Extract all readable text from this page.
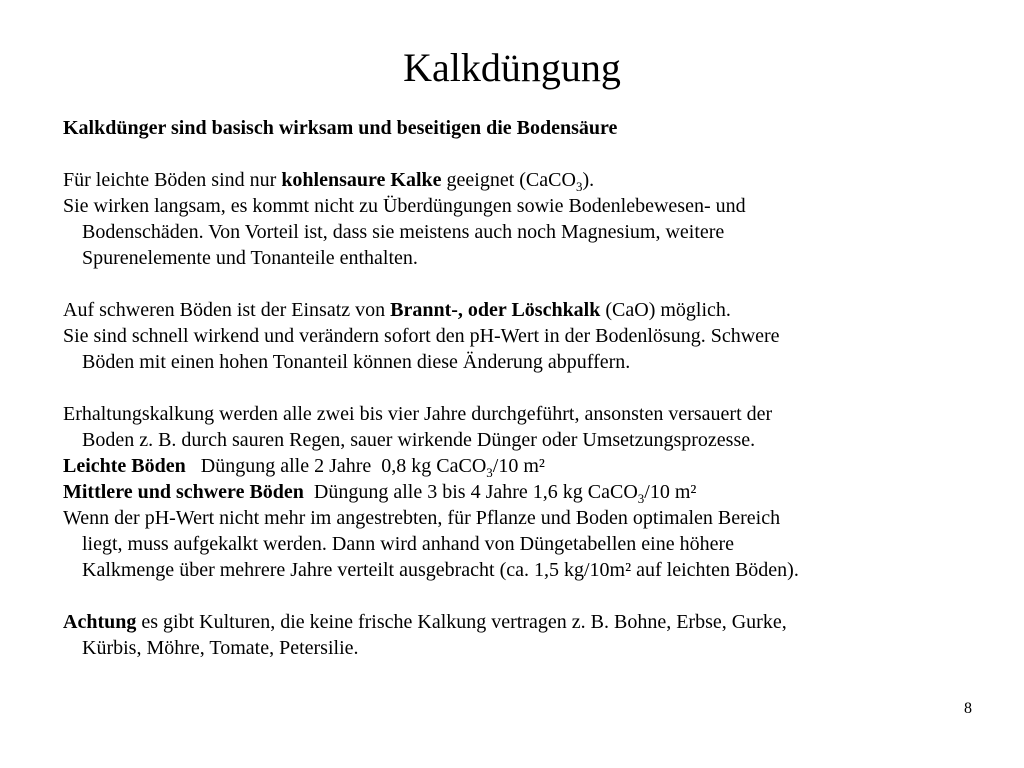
Kalkdüngung

Kalkdünger sind basisch wirksam und beseitigen die Bodensäure

Für leichte Böden sind nur kohlensaure Kalke geeignet (CaCO$_3$).

Sie wirken langsam, es kommt nicht zu Überdüngungen sowie Bodenlebewesen- und
Bodenschäden. Von Vorteil ist, dass sie meistens auch noch Magnesium, weitere
Spurenelemente und Tonanteile enthalten.

Auf schweren Böden ist der Einsatz von Brannt-, oder Löschkalk (CaO) möglich.

Sie sind schnell wirkend und verändern sofort den pH-Wert in der Bodenlösung. Schwere
Böden mit einen hohen Tonanteil können diese Änderung abpuffern.

Erhaltungskalkung werden alle zwei bis vier Jahre durchgeführt, ansonsten versauert der
Boden z. B. durch sauren Regen, sauer wirkende Dünger oder Umsetzungsprozesse.

Leichte Böden   Düngung alle 2 Jahre  0,8 kg CaCO$_3$/10 m²

Mittlere und schwere Böden  Düngung alle 3 bis 4 Jahre 1,6 kg CaCO$_3$/10 m²

Wenn der pH-Wert nicht mehr im angestrebten, für Pflanze und Boden optimalen Bereich
liegt, muss aufgekalkt werden. Dann wird anhand von Düngetabellen eine höhere
Kalkmenge über mehrere Jahre verteilt ausgebracht (ca. 1,5 kg/10m² auf leichten Böden).

Achtung es gibt Kulturen, die keine frische Kalkung vertragen z. B. Bohne, Erbse, Gurke,
Kürbis, Möhre, Tomate, Petersilie.

8
